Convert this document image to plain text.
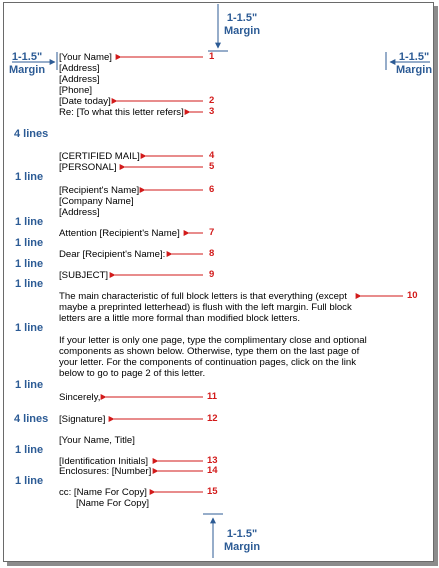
1-1.5"
Margin
1-1.5"
Margin
1-1.5"
Margin
1-1.5"
Margin
[Your Name]
[Address]
[Address]
[Phone]
[Date today]
Re: [To what this letter refers]
[CERTIFIED MAIL]
[PERSONAL]
[Recipient's Name]
[Company Name]
[Address]
Attention [Recipient's Name]
Dear [Recipient's Name]:
[SUBJECT]
The main characteristic of full block letters is that everything (except maybe a preprinted letterhead) is flush with the left margin. Full block letters are a little more formal than modified block letters.
If your letter is only one page, type the complimentary close and optional components as shown below. Otherwise, type them on the last page of your letter. For the components of continuation pages, click on the link below to go to page 2 of this letter.
Sincerely,
[Signature]
[Your Name, Title]
[Identification Initials]
Enclosures: [Number]
cc: [Name For Copy]
[Name For Copy]
4 lines
1 line
1 line
1 line
1 line
1 line
1 line
1 line
4 lines
1 line
1 line
1
2
3
4
5
6
7
8
9
10
11
12
13
14
15
